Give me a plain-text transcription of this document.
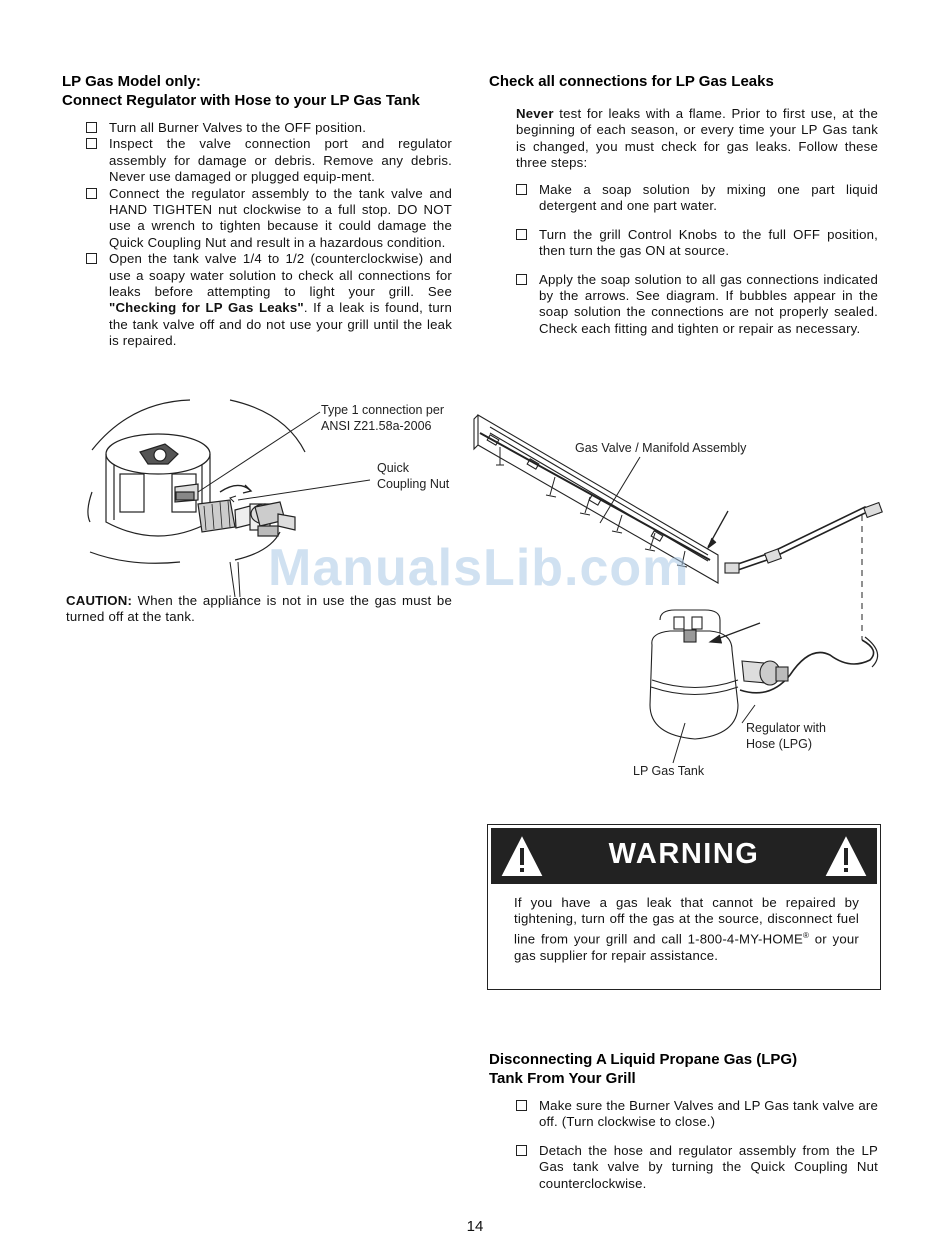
LP Gas Model only:

Connect Regulator with Hose to your LP Gas Tank

Turn all Burner Valves to the OFF position.
Inspect the valve connection port and regulator assembly for damage or debris. Remove any debris. Never use damaged or plugged equip-ment.
Connect the regulator assembly to the tank valve and HAND TIGHTEN nut clockwise to a full stop. DO NOT use a wrench to tighten because it could damage the Quick Coupling Nut and result in a hazardous condition.
Open the tank valve 1/4 to 1/2 (counterclockwise) and use a soapy water solution to check all connections for leaks before attempting to light your grill. See "Checking for LP Gas Leaks". If a leak is found, turn the tank valve off and do not use your grill until the leak is repaired.
Type 1 connection per
ANSI Z21.58a-2006
Quick
Coupling Nut
CAUTION: When the appliance is not in use the gas must be turned off at the tank.

Check all connections for LP Gas Leaks

Never test for leaks with a flame. Prior to first use, at the beginning of each season, or every time your LP Gas tank is changed, you must check for gas leaks. Follow these three steps:

Make a soap solution by mixing one part liquid detergent and one part water.
Turn the grill Control Knobs to the full OFF position, then turn the gas ON at source.
Apply the soap solution to all gas connections indicated by the arrows. See diagram. If bubbles appear in the soap solution the connections are not properly sealed. Check each fitting and tighten or repair as necessary.
Gas Valve / Manifold Assembly
Regulator with
Hose (LPG)
LP Gas Tank
WARNING
If you have a gas leak that cannot be repaired by tightening, turn off the gas at the source, disconnect fuel line from your grill and call 1-800-4-MY-HOME® or your gas supplier for repair assistance.

Disconnecting A Liquid Propane Gas (LPG)

Tank From Your Grill

Make sure the Burner Valves and LP Gas tank valve are off. (Turn clockwise to close.)
Detach the hose and regulator assembly from the LP Gas tank valve by turning the Quick Coupling Nut counterclockwise.
ManualsLib.com
14
